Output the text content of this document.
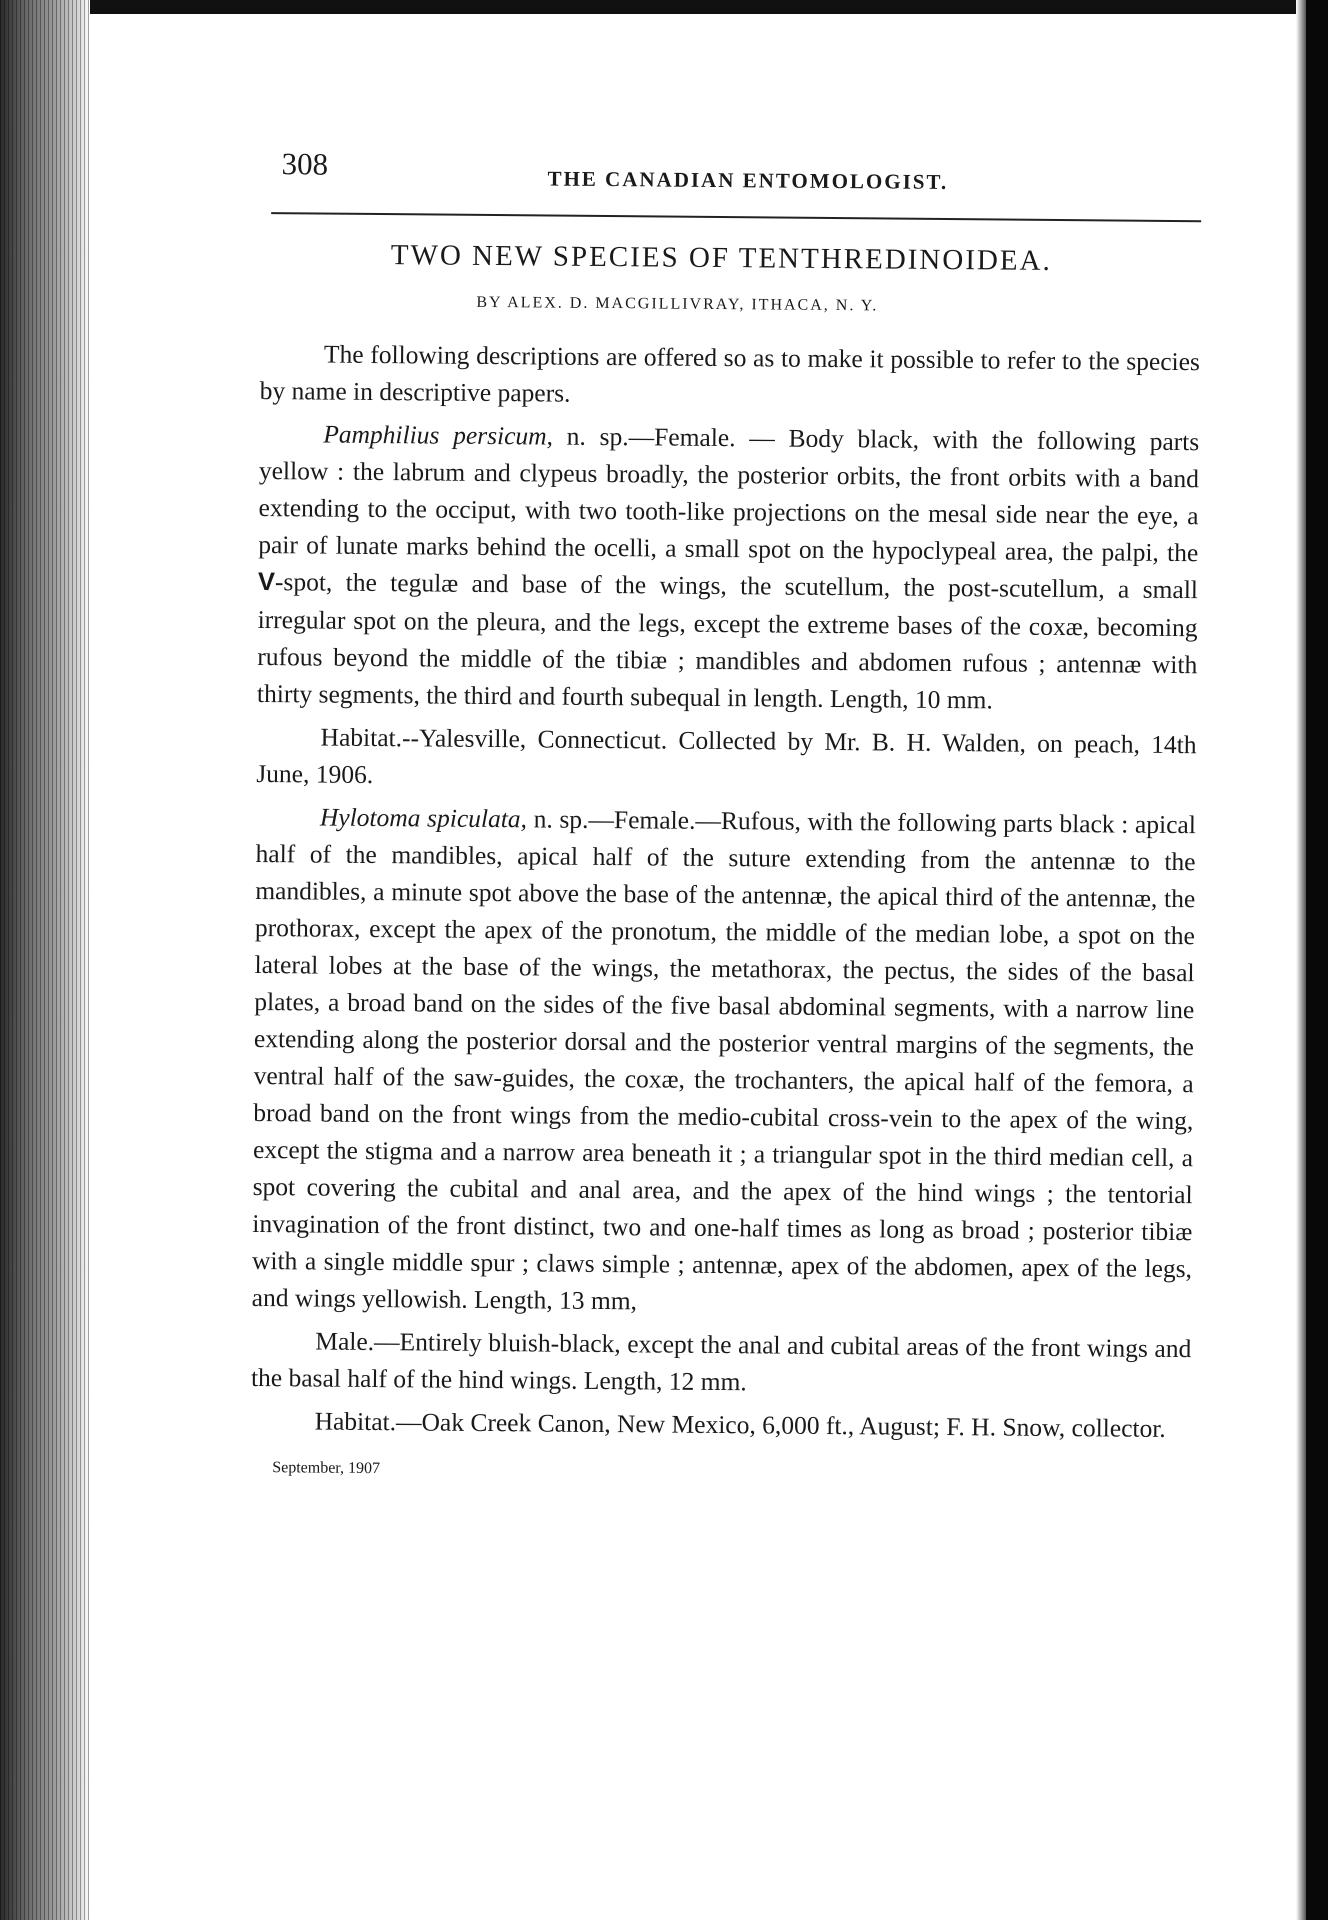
308	THE CANADIAN ENTOMOLOGIST.
TWO NEW SPECIES OF TENTHREDINOIDEA.
BY ALEX. D. MACGILLIVRAY, ITHACA, N. Y.

The following descriptions are offered so as to make it possible to refer to the species by name in descriptive papers.

Pamphilius persicum, n. sp.—Female. — Body black, with the following parts yellow : the labrum and clypeus broadly, the posterior orbits, the front orbits with a band extending to the occiput, with two tooth-like projections on the mesal side near the eye, a pair of lunate marks behind the ocelli, a small spot on the hypoclypeal area, the palpi, the V-spot, the tegulæ and base of the wings, the scutellum, the post-scutellum, a small irregular spot on the pleura, and the legs, except the extreme bases of the coxæ, becoming rufous beyond the middle of the tibiæ ; mandibles and abdomen rufous ; antennæ with thirty segments, the third and fourth subequal in length. Length, 10 mm.

Habitat.--Yalesville, Connecticut. Collected by Mr. B. H. Walden, on peach, 14th June, 1906.

Hylotoma spiculata, n. sp.—Female.—Rufous, with the following parts black : apical half of the mandibles, apical half of the suture extending from the antennæ to the mandibles, a minute spot above the base of the antennæ, the apical third of the antennæ, the prothorax, except the apex of the pronotum, the middle of the median lobe, a spot on the lateral lobes at the base of the wings, the metathorax, the pectus, the sides of the basal plates, a broad band on the sides of the five basal abdominal segments, with a narrow line extending along the posterior dorsal and the posterior ventral margins of the segments, the ventral half of the saw-guides, the coxæ, the trochanters, the apical half of the femora, a broad band on the front wings from the medio-cubital cross-vein to the apex of the wing, except the stigma and a narrow area beneath it ; a triangular spot in the third median cell, a spot covering the cubital and anal area, and the apex of the hind wings ; the tentorial invagination of the front distinct, two and one-half times as long as broad ; posterior tibiæ with a single middle spur ; claws simple ; antennæ, apex of the abdomen, apex of the legs, and wings yellowish. Length, 13 mm,

Male.—Entirely bluish-black, except the anal and cubital areas of the front wings and the basal half of the hind wings. Length, 12 mm.

Habitat.—Oak Creek Canon, New Mexico, 6,000 ft., August; F. H. Snow, collector.

September, 1907
